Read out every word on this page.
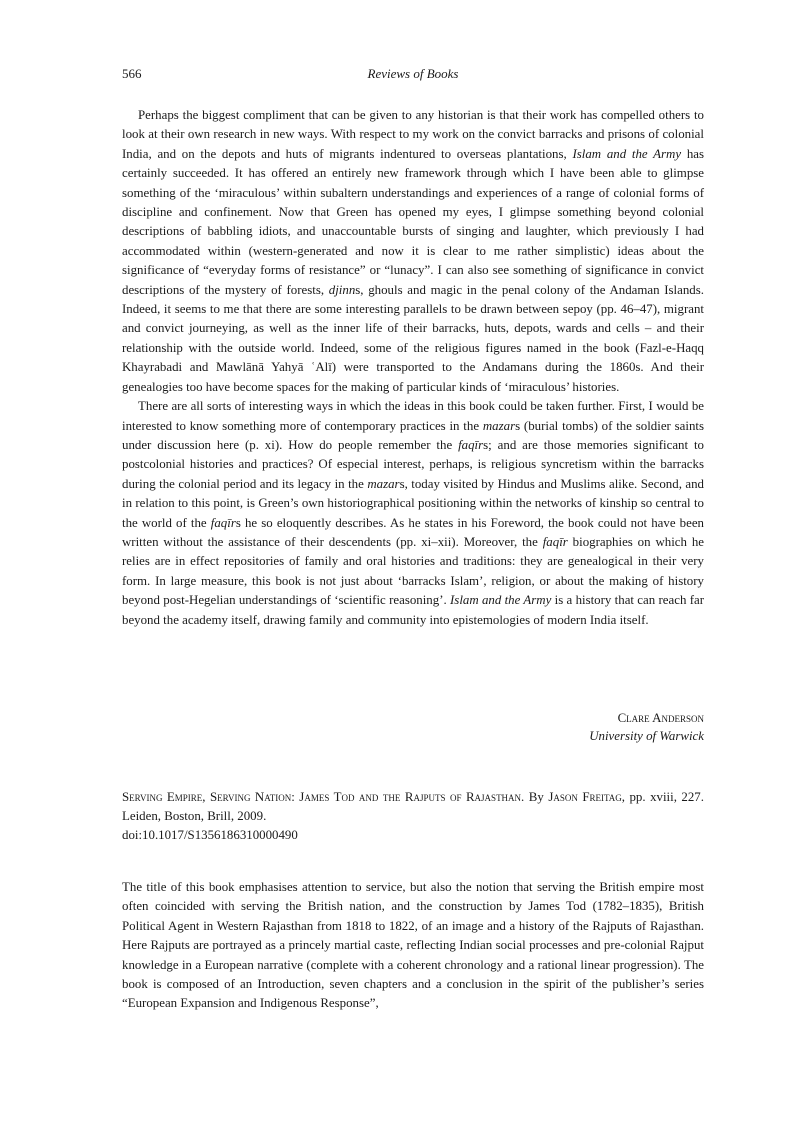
566	Reviews of Books

Perhaps the biggest compliment that can be given to any historian is that their work has compelled others to look at their own research in new ways. With respect to my work on the convict barracks and prisons of colonial India, and on the depots and huts of migrants indentured to overseas plantations, Islam and the Army has certainly succeeded. It has offered an entirely new framework through which I have been able to glimpse something of the ‘miraculous’ within subaltern understandings and experiences of a range of colonial forms of discipline and confinement. Now that Green has opened my eyes, I glimpse something beyond colonial descriptions of babbling idiots, and unaccountable bursts of singing and laughter, which previously I had accommodated within (western-generated and now it is clear to me rather simplistic) ideas about the significance of “everyday forms of resistance” or “lunacy”. I can also see something of significance in convict descriptions of the mystery of forests, djinns, ghouls and magic in the penal colony of the Andaman Islands. Indeed, it seems to me that there are some interesting parallels to be drawn between sepoy (pp. 46–47), migrant and convict journeying, as well as the inner life of their barracks, huts, depots, wards and cells – and their relationship with the outside world. Indeed, some of the religious figures named in the book (Fazl-e-Haqq Khayrabadi and Mawlānā Yahyā ʿAlī) were transported to the Andamans during the 1860s. And their genealogies too have become spaces for the making of particular kinds of ‘miraculous’ histories.

There are all sorts of interesting ways in which the ideas in this book could be taken further. First, I would be interested to know something more of contemporary practices in the mazars (burial tombs) of the soldier saints under discussion here (p. xi). How do people remember the faqīrs; and are those memories significant to postcolonial histories and practices? Of especial interest, perhaps, is religious syncretism within the barracks during the colonial period and its legacy in the mazars, today visited by Hindus and Muslims alike. Second, and in relation to this point, is Green’s own historiographical positioning within the networks of kinship so central to the world of the faqīrs he so eloquently describes. As he states in his Foreword, the book could not have been written without the assistance of their descendents (pp. xi–xii). Moreover, the faqīr biographies on which he relies are in effect repositories of family and oral histories and traditions: they are genealogical in their very form. In large measure, this book is not just about ‘barracks Islam’, religion, or about the making of history beyond post-Hegelian understandings of ‘scientific reasoning’. Islam and the Army is a history that can reach far beyond the academy itself, drawing family and community into epistemologies of modern India itself.

Clare Anderson
University of Warwick
Serving Empire, Serving Nation: James Tod and the Rajputs of Rajasthan. By Jason Freitag, pp. xviii, 227. Leiden, Boston, Brill, 2009.
doi:10.1017/S1356186310000490

The title of this book emphasises attention to service, but also the notion that serving the British empire most often coincided with serving the British nation, and the construction by James Tod (1782–1835), British Political Agent in Western Rajasthan from 1818 to 1822, of an image and a history of the Rajputs of Rajasthan. Here Rajputs are portrayed as a princely martial caste, reflecting Indian social processes and pre-colonial Rajput knowledge in a European narrative (complete with a coherent chronology and a rational linear progression). The book is composed of an Introduction, seven chapters and a conclusion in the spirit of the publisher’s series “European Expansion and Indigenous Response”,
